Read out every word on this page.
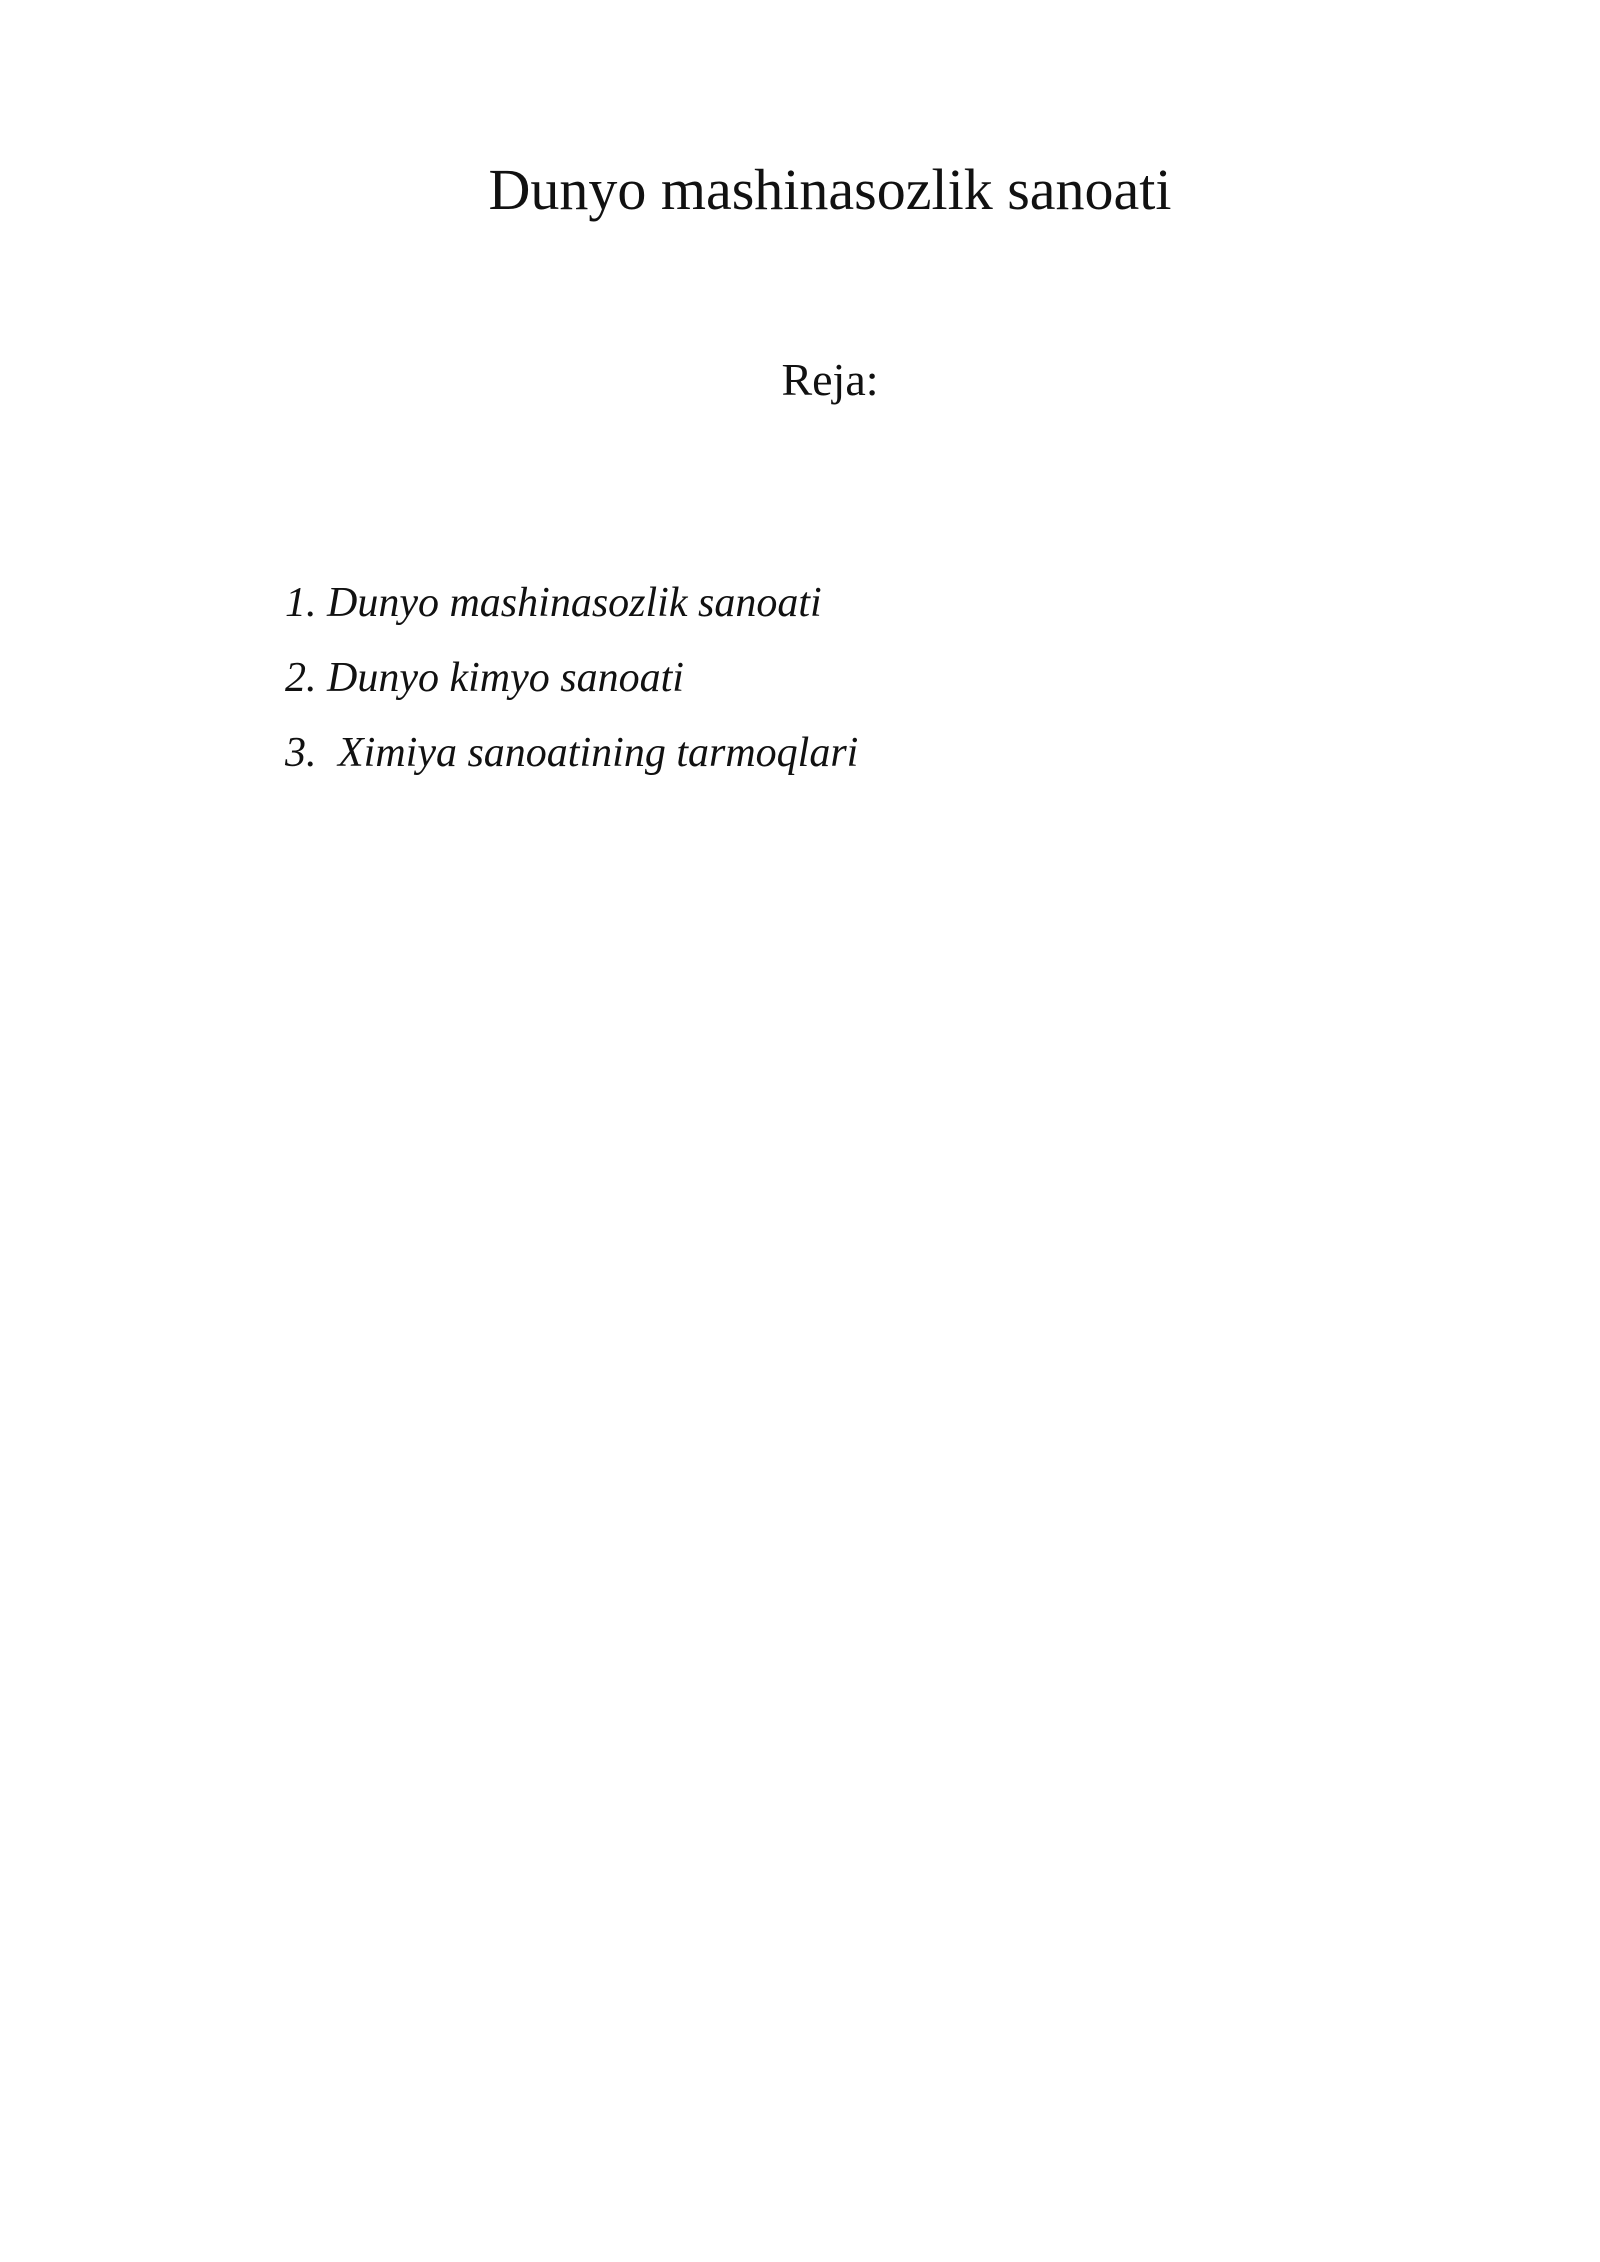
Dunyo mashinasozlik sanoati
Reja:
1. Dunyo mashinasozlik sanoati
2. Dunyo kimyo sanoati
3. Ximiya sanoatining tarmoqlari
